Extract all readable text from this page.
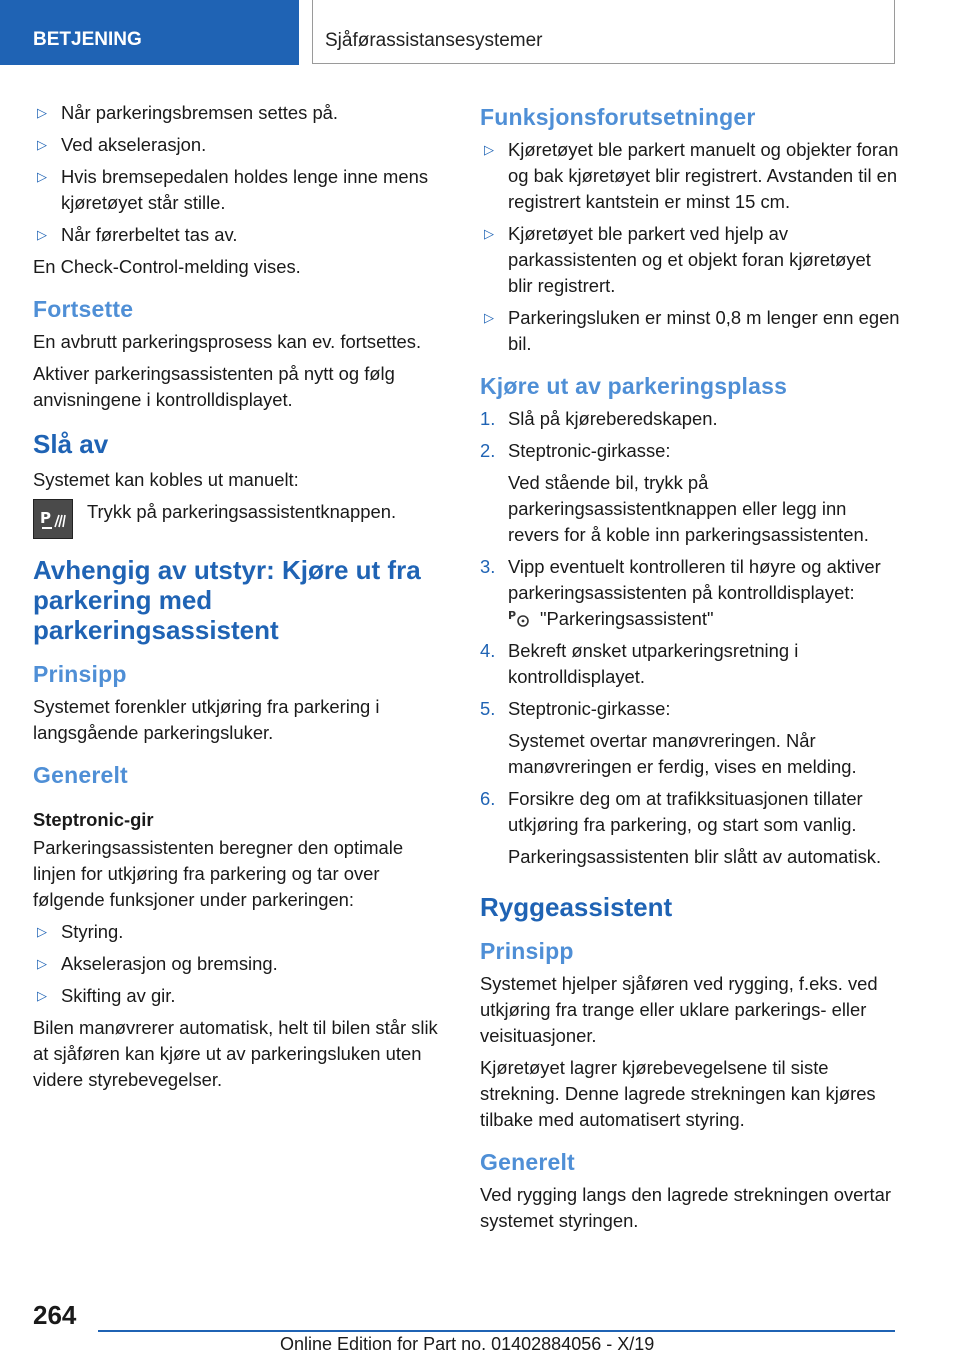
BETJENING	Sjåførassistansesystemer
▷ Når parkeringsbremsen settes på.
▷ Ved akselerasjon.
▷ Hvis bremsepedalen holdes lenge inne mens kjøretøyet står stille.
▷ Når førerbeltet tas av.

En Check-Control-melding vises.

Fortsette

En avbrutt parkeringsprosess kan ev. fortsettes.

Aktiver parkeringsassistenten på nytt og følg anvisningene i kontrolldisplayet.

Slå av

Systemet kan kobles ut manuelt:

P Trykk på parkeringsassistentknappen.
Avhengig av utstyr: Kjøre ut fra parkering med parkeringsassistent
Prinsipp

Systemet forenkler utkjøring fra parkering i langsgående parkeringsluker.

Generelt
Steptronic-gir

Parkeringsassistenten beregner den optimale linjen for utkjøring fra parkering og tar over følgende funksjoner under parkeringen:

▷ Styring.
▷ Akselerasjon og bremsing.
▷ Skifting av gir.

Bilen manøvrerer automatisk, helt til bilen står slik at sjåføren kan kjøre ut av parkeringsluken uten videre styrebevegelser.

Funksjonsforutsetninger
▷ Kjøretøyet ble parkert manuelt og objekter foran og bak kjøretøyet blir registrert. Avstanden til en registrert kantstein er minst 15 cm.
▷ Kjøretøyet ble parkert ved hjelp av parkassistenten og et objekt foran kjøretøyet blir registrert.
▷ Parkeringsluken er minst 0,8 m lenger enn egen bil.
Kjøre ut av parkeringsplass
1. Slå på kjøreberedskapen.
2. Steptronic-girkasse:

Ved stående bil, trykk på parkeringsassistentknappen eller legg inn revers for å koble inn parkeringsassistenten.

3. Vipp eventuelt kontrolleren til høyre og aktiver parkeringsassistenten på kontrolldisplayet:

P "Parkeringsassistent"
4. Bekreft ønsket utparkeringsretning i kontrolldisplayet.
5. Steptronic-girkasse:

Systemet overtar manøvreringen. Når manøvreringen er ferdig, vises en melding.

6. Forsikre deg om at trafikksituasjonen tillater utkjøring fra parkering, og start som vanlig.

Parkeringsassistenten blir slått av automatisk.

Ryggeassistent
Prinsipp

Systemet hjelper sjåføren ved rygging, f.eks. ved utkjøring fra trange eller uklare parkerings- eller veisituasjoner.

Kjøretøyet lagrer kjørebevegelsene til siste strekning. Denne lagrede strekningen kan kjøres tilbake med automatisert styring.

Generelt

Ved rygging langs den lagrede strekningen overtar systemet styringen.

264
Online Edition for Part no. 01402884056 - X/19
